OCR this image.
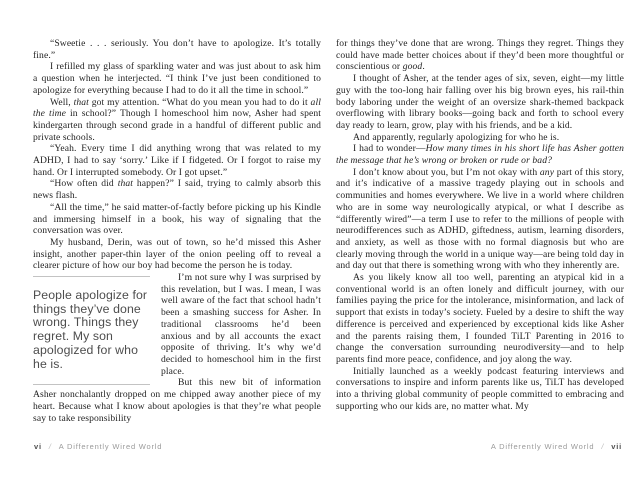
“Sweetie . . . seriously. You don’t have to apologize. It’s totally fine.”

I refilled my glass of sparkling water and was just about to ask him a question when he interjected. “I think I’ve just been conditioned to apologize for everything because I had to do it all the time in school.”

Well, that got my attention. “What do you mean you had to do it all the time in school?” Though I homeschool him now, Asher had spent kindergarten through second grade in a handful of different public and private schools.

“Yeah. Every time I did anything wrong that was related to my ADHD, I had to say ‘sorry.’ Like if I fidgeted. Or I forgot to raise my hand. Or I interrupted somebody. Or I got upset.”

“How often did that happen?” I said, trying to calmly absorb this news flash.

“All the time,” he said matter-of-factly before picking up his Kindle and immersing himself in a book, his way of signaling that the conversation was over.

My husband, Derin, was out of town, so he’d missed this Asher insight, another paper-thin layer of the onion peeling off to reveal a clearer picture of how our boy had become the person he is today.

People apologize for things they’ve done wrong. Things they regret. My son apologized for who he is.

I’m not sure why I was surprised by this revelation, but I was. I mean, I was well aware of the fact that school hadn’t been a smashing success for Asher. In traditional classrooms he’d been anxious and by all accounts the exact opposite of thriving. It’s why we’d decided to homeschool him in the first place.

But this new bit of information Asher nonchalantly dropped on me chipped away another piece of my heart. Because what I know about apologies is that they’re what people say to take responsibility

for things they’ve done that are wrong. Things they regret. Things they could have made better choices about if they’d been more thoughtful or conscientious or good.

I thought of Asher, at the tender ages of six, seven, eight—my little guy with the too-long hair falling over his big brown eyes, his rail-thin body laboring under the weight of an oversize shark-themed backpack overflowing with library books—going back and forth to school every day ready to learn, grow, play with his friends, and be a kid.

And apparently, regularly apologizing for who he is.

I had to wonder—How many times in his short life has Asher gotten the message that he’s wrong or broken or rude or bad?

I don’t know about you, but I’m not okay with any part of this story, and it’s indicative of a massive tragedy playing out in schools and communities and homes everywhere. We live in a world where children who are in some way neurologically atypical, or what I describe as “differently wired”—a term I use to refer to the millions of people with neurodifferences such as ADHD, giftedness, autism, learning disorders, and anxiety, as well as those with no formal diagnosis but who are clearly moving through the world in a unique way—are being told day in and day out that there is something wrong with who they inherently are.

As you likely know all too well, parenting an atypical kid in a conventional world is an often lonely and difficult journey, with our families paying the price for the intolerance, misinformation, and lack of support that exists in today’s society. Fueled by a desire to shift the way difference is perceived and experienced by exceptional kids like Asher and the parents raising them, I founded TiLT Parenting in 2016 to change the conversation surrounding neurodiversity—and to help parents find more peace, confidence, and joy along the way.

Initially launched as a weekly podcast featuring interviews and conversations to inspire and inform parents like us, TiLT has developed into a thriving global community of people committed to embracing and supporting who our kids are, no matter what. My

vi / A Differently Wired World	A Differently Wired World / vii
